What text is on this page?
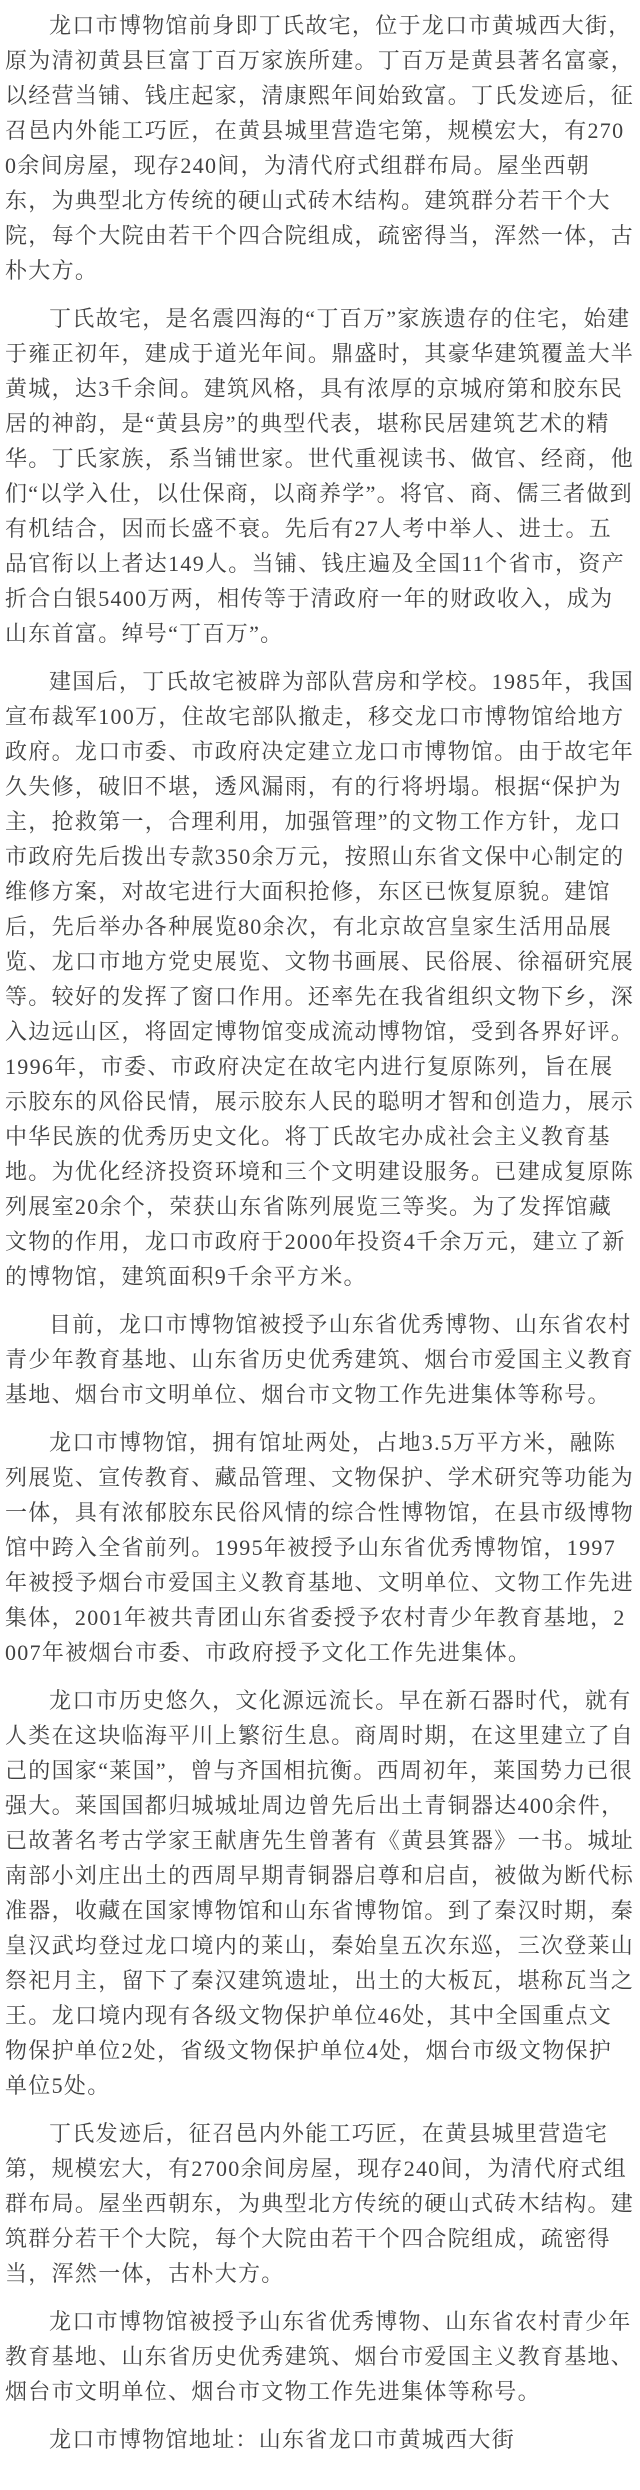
龙口市博物馆前身即丁氏故宅，位于龙口市黄城西大街，原为清初黄县巨富丁百万家族所建。丁百万是黄县著名富豪，以经营当铺、钱庄起家，清康熙年间始致富。丁氏发迹后，征召邑内外能工巧匠，在黄县城里营造宅第，规模宏大，有2700余间房屋，现存240间，为清代府式组群布局。屋坐西朝东，为典型北方传统的硬山式砖木结构。建筑群分若干个大院，每个大院由若干个四合院组成，疏密得当，浑然一体，古朴大方。

丁氏故宅，是名震四海的“丁百万”家族遗存的住宅，始建于雍正初年，建成于道光年间。鼎盛时，其豪华建筑覆盖大半黄城，达3千余间。建筑风格，具有浓厚的京城府第和胶东民居的神韵，是“黄县房”的典型代表，堪称民居建筑艺术的精华。丁氏家族，系当铺世家。世代重视读书、做官、经商，他们“以学入仕，以仕保商，以商养学”。将官、商、儒三者做到有机结合，因而长盛不衰。先后有27人考中举人、进士。五品官衔以上者达149人。当铺、钱庄遍及全国11个省市，资产折合白银5400万两，相传等于清政府一年的财政收入，成为山东首富。绰号“丁百万”。

建国后，丁氏故宅被辟为部队营房和学校。1985年，我国宣布裁军100万，住故宅部队撤走，移交龙口市博物馆给地方政府。龙口市委、市政府决定建立龙口市博物馆。由于故宅年久失修，破旧不堪，透风漏雨，有的行将坍塌。根据“保护为主，抢救第一，合理利用，加强管理”的文物工作方针，龙口市政府先后拨出专款350余万元，按照山东省文保中心制定的维修方案，对故宅进行大面积抢修，东区已恢复原貌。建馆后，先后举办各种展览80余次，有北京故宫皇家生活用品展览、龙口市地方党史展览、文物书画展、民俗展、徐福研究展等。较好的发挥了窗口作用。还率先在我省组织文物下乡，深入边远山区，将固定博物馆变成流动博物馆，受到各界好评。1996年，市委、市政府决定在故宅内进行复原陈列，旨在展示胶东的风俗民情，展示胶东人民的聪明才智和创造力，展示中华民族的优秀历史文化。将丁氏故宅办成社会主义教育基地。为优化经济投资环境和三个文明建设服务。已建成复原陈列展室20余个，荣获山东省陈列展览三等奖。为了发挥馆藏文物的作用，龙口市政府于2000年投资4千余万元，建立了新的博物馆，建筑面积9千余平方米。

目前，龙口市博物馆被授予山东省优秀博物、山东省农村青少年教育基地、山东省历史优秀建筑、烟台市爱国主义教育基地、烟台市文明单位、烟台市文物工作先进集体等称号。

龙口市博物馆，拥有馆址两处，占地3.5万平方米，融陈列展览、宣传教育、藏品管理、文物保护、学术研究等功能为一体，具有浓郁胶东民俗风情的综合性博物馆，在县市级博物馆中跨入全省前列。1995年被授予山东省优秀博物馆，1997年被授予烟台市爱国主义教育基地、文明单位、文物工作先进集体，2001年被共青团山东省委授予农村青少年教育基地，2007年被烟台市委、市政府授予文化工作先进集体。

龙口市历史悠久，文化源远流长。早在新石器时代，就有人类在这块临海平川上繁衍生息。商周时期，在这里建立了自己的国家“莱国”，曾与齐国相抗衡。西周初年，莱国势力已很强大。莱国国都归城城址周边曾先后出土青铜器达400余件，已故著名考古学家王献唐先生曾著有《黄县箕器》一书。城址南部小刘庄出土的西周早期青铜器启尊和启卣，被做为断代标准器，收藏在国家博物馆和山东省博物馆。到了秦汉时期，秦皇汉武均登过龙口境内的莱山，秦始皇五次东巡，三次登莱山祭祀月主，留下了秦汉建筑遗址，出土的大板瓦，堪称瓦当之王。龙口境内现有各级文物保护单位46处，其中全国重点文物保护单位2处，省级文物保护单位4处，烟台市级文物保护单位5处。

丁氏发迹后，征召邑内外能工巧匠，在黄县城里营造宅第，规模宏大，有2700余间房屋，现存240间，为清代府式组群布局。屋坐西朝东，为典型北方传统的硬山式砖木结构。建筑群分若干个大院，每个大院由若干个四合院组成，疏密得当，浑然一体，古朴大方。

龙口市博物馆被授予山东省优秀博物、山东省农村青少年教育基地、山东省历史优秀建筑、烟台市爱国主义教育基地、烟台市文明单位、烟台市文物工作先进集体等称号。

龙口市博物馆地址：山东省龙口市黄城西大街
